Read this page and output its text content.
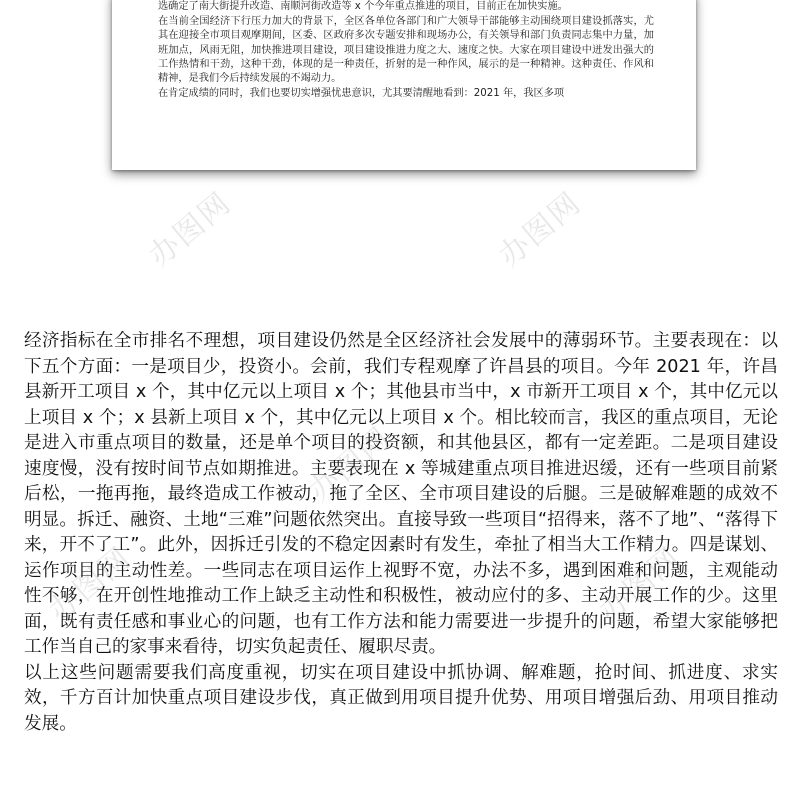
办图网	办图网
办图网
办图网	办图网

选确定了南大街提升改造、南顺河街改造等 x 个今年重点推进的项目，目前正在加快实施。

在当前全国经济下行压力加大的背景下，全区各单位各部门和广大领导干部能够主动围绕项目建设抓落实，尤其在迎接全市项目观摩期间，区委、区政府多次专题安排和现场办公，有关领导和部门负责同志集中力量，加班加点，风雨无阻，加快推进项目建设，项目建设推进力度之大、速度之快。大家在项目建设中迸发出强大的工作热情和干劲，这种干劲，体现的是一种责任，折射的是一种作风，展示的是一种精神。这种责任、作风和精神，是我们今后持续发展的不竭动力。

在肯定成绩的同时，我们也要切实增强忧患意识，尤其要清醒地看到：2021 年，我区多项

经济指标在全市排名不理想，项目建设仍然是全区经济社会发展中的薄弱环节。主要表现在：以下五个方面：一是项目少，投资小。会前，我们专程观摩了许昌县的项目。今年 2021 年，许昌县新开工项目 x 个，其中亿元以上项目 x 个；其他县市当中，x 市新开工项目 x 个，其中亿元以上项目 x 个；x 县新上项目 x 个，其中亿元以上项目 x 个。相比较而言，我区的重点项目，无论是进入市重点项目的数量，还是单个项目的投资额，和其他县区，都有一定差距。二是项目建设速度慢，没有按时间节点如期推进。主要表现在 x 等城建重点项目推进迟缓，还有一些项目前紧后松，一拖再拖，最终造成工作被动，拖了全区、全市项目建设的后腿。三是破解难题的成效不明显。拆迁、融资、土地“三难”问题依然突出。直接导致一些项目“招得来，落不了地”、“落得下来，开不了工”。此外，因拆迁引发的不稳定因素时有发生，牵扯了相当大工作精力。四是谋划、运作项目的主动性差。一些同志在项目运作上视野不宽，办法不多，遇到困难和问题，主观能动性不够，在开创性地推动工作上缺乏主动性和积极性，被动应付的多、主动开展工作的少。这里面，既有责任感和事业心的问题，也有工作方法和能力需要进一步提升的问题，希望大家能够把工作当自己的家事来看待，切实负起责任、履职尽责。

以上这些问题需要我们高度重视，切实在项目建设中抓协调、解难题，抢时间、抓进度、求实效，千方百计加快重点项目建设步伐，真正做到用项目提升优势、用项目增强后劲、用项目推动发展。
